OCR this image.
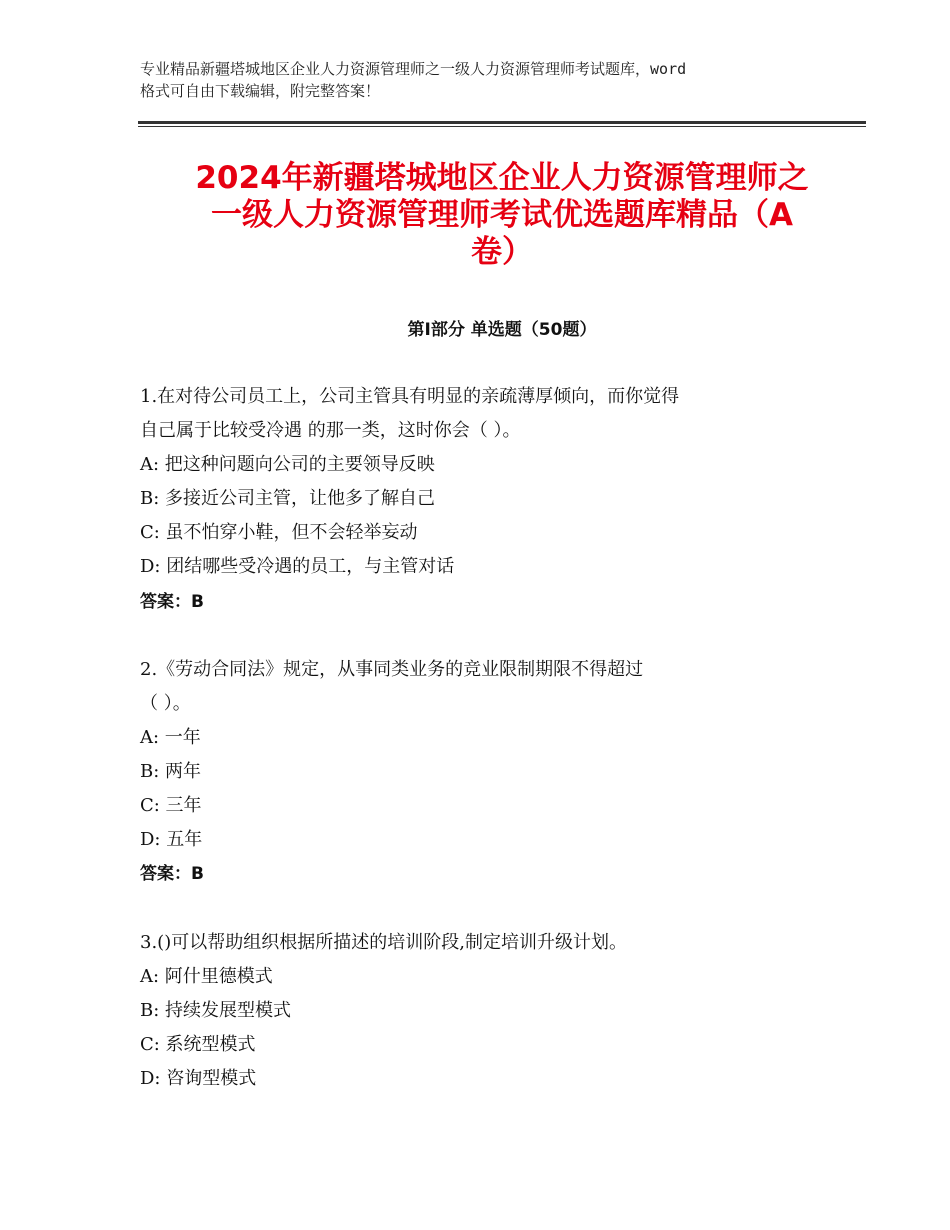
专业精品新疆塔城地区企业人力资源管理师之一级人力资源管理师考试题库，word
格式可自由下载编辑，附完整答案！
2024年新疆塔城地区企业人力资源管理师之
一级人力资源管理师考试优选题库精品（A
卷）
第Ⅰ部分 单选题（50题）
1.在对待公司员工上，公司主管具有明显的亲疏薄厚倾向，而你觉得
自己属于比较受冷遇 的那一类，这时你会（ ）。
A: 把这种问题向公司的主要领导反映
B: 多接近公司主管，让他多了解自己
C: 虽不怕穿小鞋，但不会轻举妄动
D: 团结哪些受冷遇的员工，与主管对话
答案：B
2.《劳动合同法》规定，从事同类业务的竞业限制期限不得超过
（ ）。
A: 一年
B: 两年
C: 三年
D: 五年
答案：B
3.()可以帮助组织根据所描述的培训阶段,制定培训升级计划。
A: 阿什里德模式
B: 持续发展型模式
C: 系统型模式
D: 咨询型模式
